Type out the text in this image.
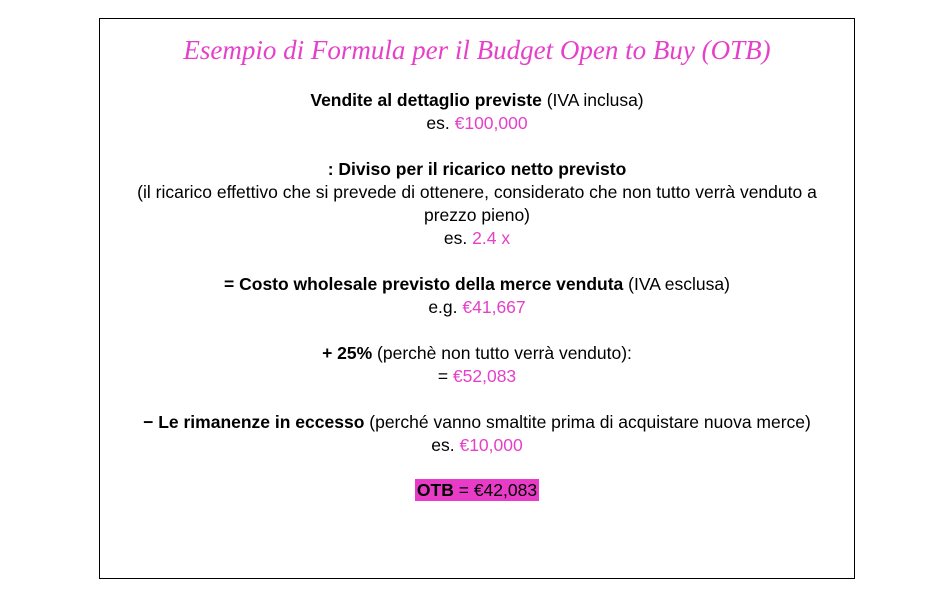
Esempio di Formula per il Budget Open to Buy (OTB)
Vendite al dettaglio previste (IVA inclusa)
es. €100,000
: Diviso per il ricarico netto previsto
(il ricarico effettivo che si prevede di ottenere, considerato che non tutto verrà venduto a prezzo pieno)
es. 2.4 x
= Costo wholesale previsto della merce venduta (IVA esclusa)
e.g. €41,667
+ 25% (perchè non tutto verrà venduto):
= €52,083
− Le rimanenze in eccesso (perché vanno smaltite prima di acquistare nuova merce)
es. €10,000
OTB = €42,083
